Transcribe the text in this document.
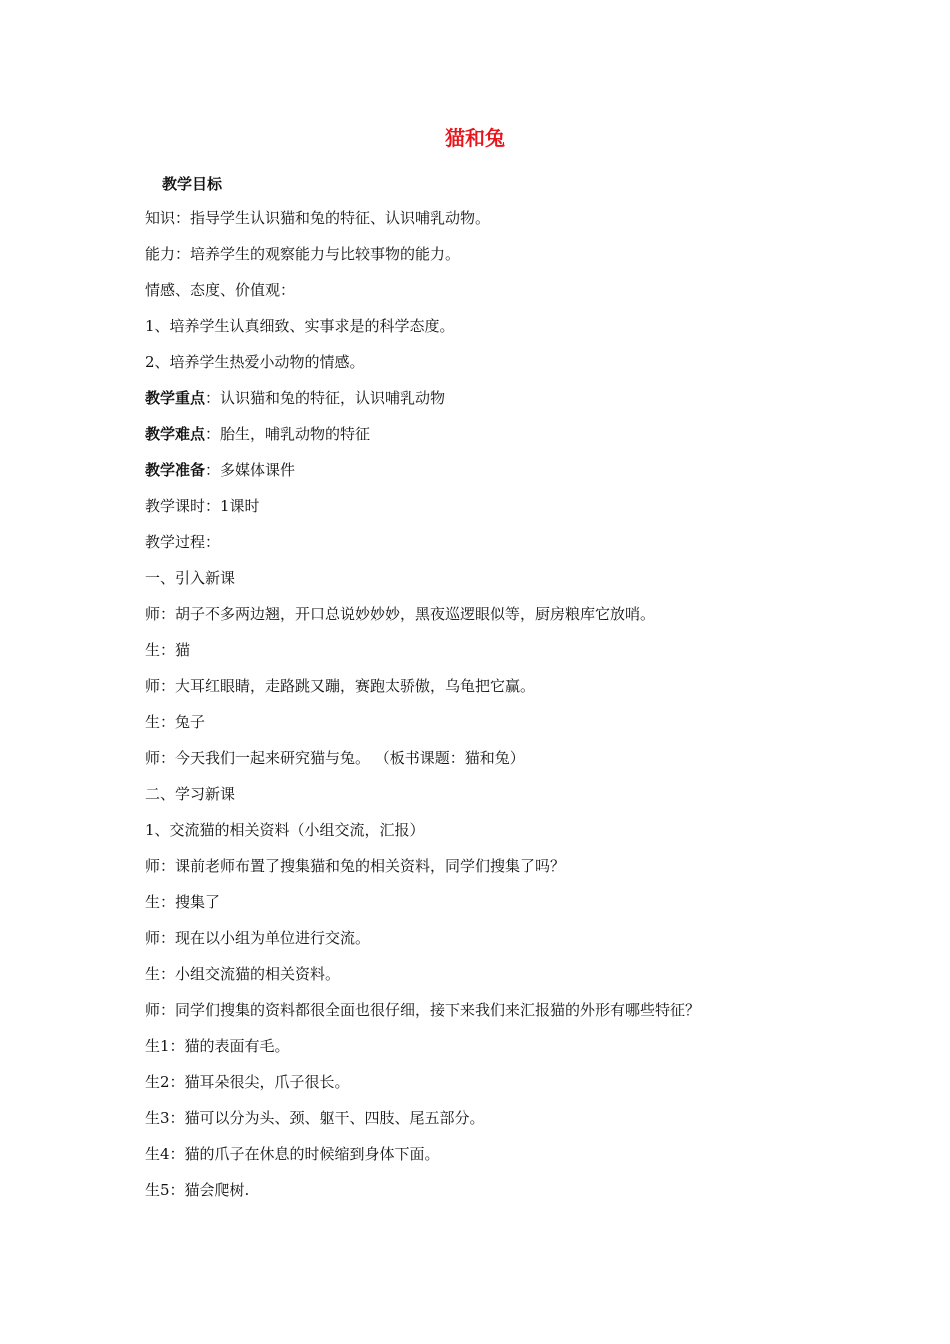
猫和兔
教学目标
知识：指导学生认识猫和兔的特征、认识哺乳动物。
能力：培养学生的观察能力与比较事物的能力。
情感、态度、价值观：
1、培养学生认真细致、实事求是的科学态度。
2、培养学生热爱小动物的情感。
教学重点：认识猫和兔的特征，认识哺乳动物
教学难点：胎生，哺乳动物的特征
教学准备：多媒体课件
教学课时：1课时
教学过程：
一、引入新课
师：胡子不多两边翘，开口总说妙妙妙，黑夜巡逻眼似等，厨房粮库它放哨。
生：猫
师：大耳红眼睛，走路跳又蹦，赛跑太骄傲，乌龟把它赢。
生：兔子
师：今天我们一起来研究猫与兔。 （板书课题：猫和兔）
二、学习新课
1、交流猫的相关资料（小组交流，汇报）
师：课前老师布置了搜集猫和兔的相关资料，同学们搜集了吗？
生：搜集了
师：现在以小组为单位进行交流。
生：小组交流猫的相关资料。
师：同学们搜集的资料都很全面也很仔细，接下来我们来汇报猫的外形有哪些特征？
生1：猫的表面有毛。
生2：猫耳朵很尖，爪子很长。
生3：猫可以分为头、颈、躯干、四肢、尾五部分。
生4：猫的爪子在休息的时候缩到身体下面。
生5：猫会爬树.
